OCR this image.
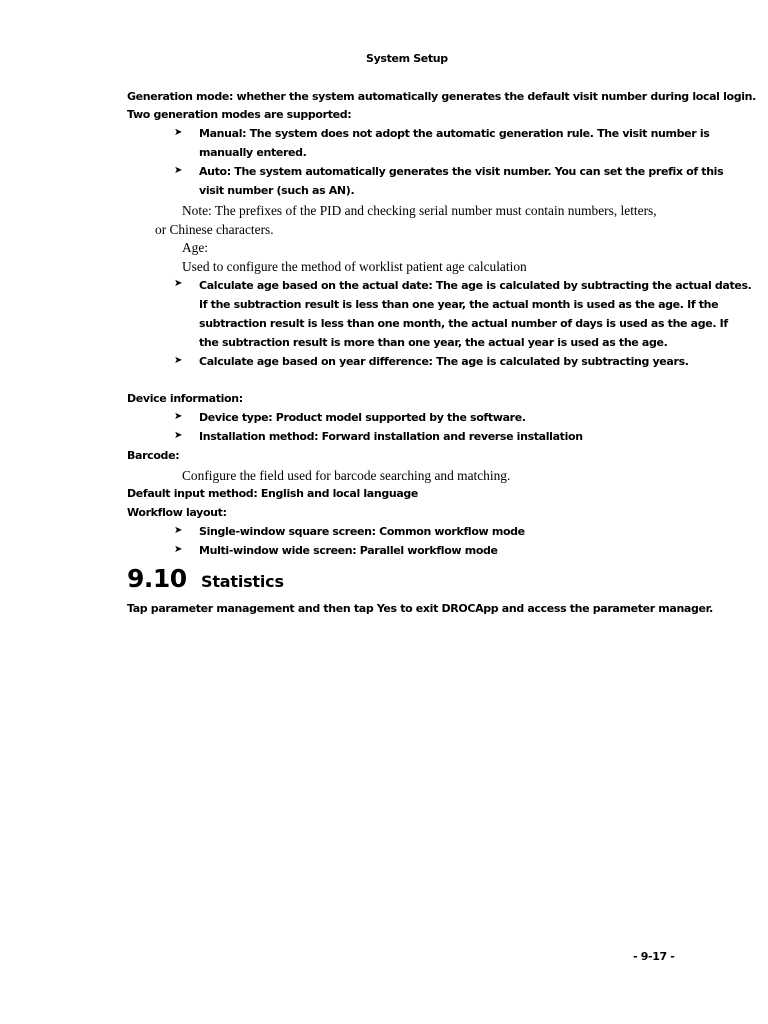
System Setup
Generation mode: whether the system automatically generates the default visit number during local login.
Two generation modes are supported:
➤ Manual: The system does not adopt the automatic generation rule. The visit number is
manually entered.
➤ Auto: The system automatically generates the visit number. You can set the prefix of this
visit number (such as AN).
Note: The prefixes of the PID and checking serial number must contain numbers, letters,
or Chinese characters.
Age:
Used to configure the method of worklist patient age calculation
➤ Calculate age based on the actual date: The age is calculated by subtracting the actual dates.
If the subtraction result is less than one year, the actual month is used as the age. If the
subtraction result is less than one month, the actual number of days is used as the age. If
the subtraction result is more than one year, the actual year is used as the age.
➤ Calculate age based on year difference: The age is calculated by subtracting years.
Device information:
➤ Device type: Product model supported by the software.
➤ Installation method: Forward installation and reverse installation
Barcode:
Configure the field used for barcode searching and matching.
Default input method: English and local language
Workflow layout:
➤ Single-window square screen: Common workflow mode
➤ Multi-window wide screen: Parallel workflow mode
9.10 Statistics
Tap parameter management and then tap Yes to exit DROCApp and access the parameter manager.
- 9-17 -
